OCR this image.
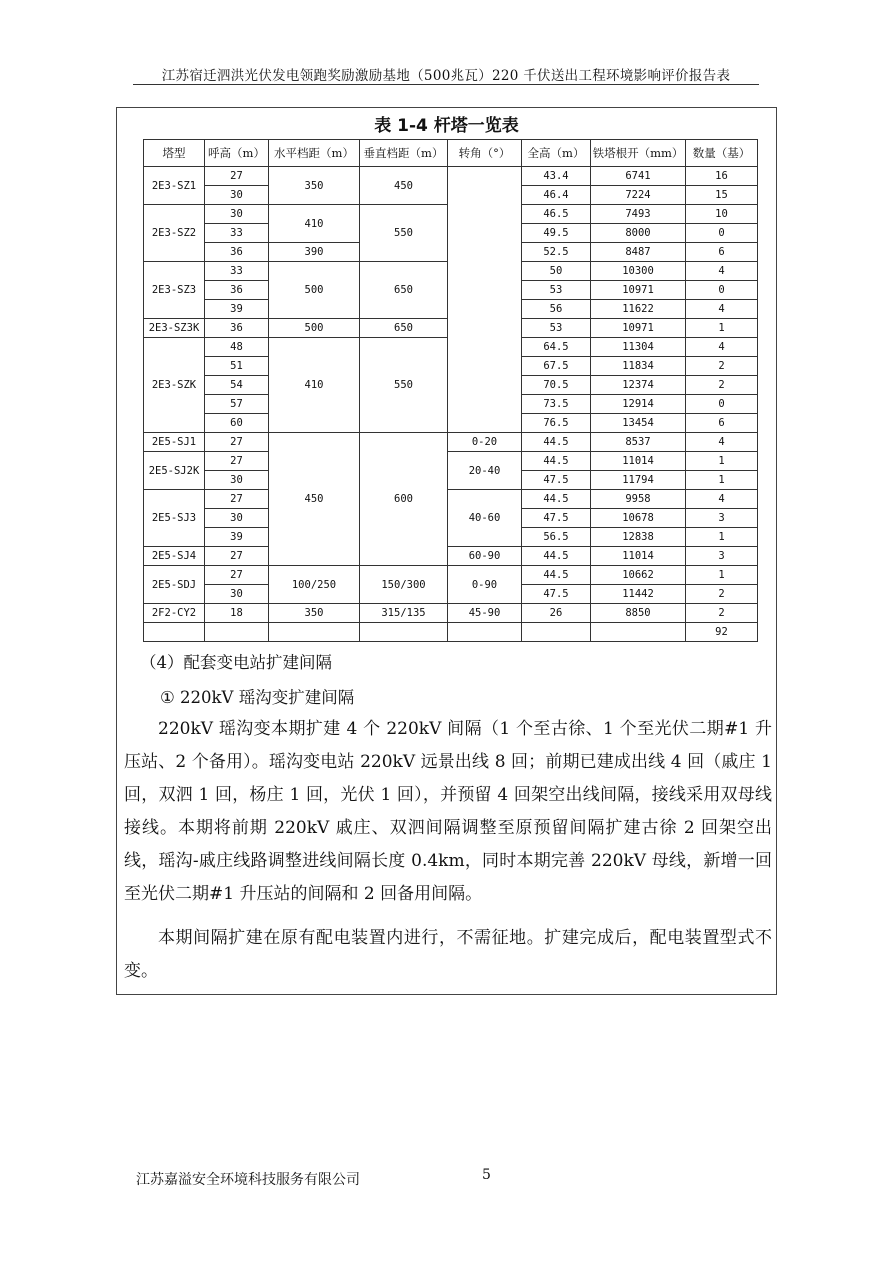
江苏宿迁泗洪光伏发电领跑奖励激励基地（500兆瓦）220 千伏送出工程环境影响评价报告表
表 1-4 杆塔一览表
塔型	呼高（m）	水平档距（m）	垂直档距（m）	转角（°）	全高（m）	铁塔根开（mm）	数量（基）
2E3-SZ1	27	350	450		43.4	6741	16
	30				46.4	7224	15
2E3-SZ2	30	410	550		46.5	7493	10
	33				49.5	8000	0
	36	390			52.5	8487	6
2E3-SZ3	33	500	650		50	10300	4
	36				53	10971	0
	39				56	11622	4
2E3-SZ3K	36	500	650		53	10971	1
2E3-SZK	48	410	550		64.5	11304	4
	51				67.5	11834	2
	54				70.5	12374	2
	57				73.5	12914	0
	60				76.5	13454	6
2E5-SJ1	27	450	600	0-20	44.5	8537	4
2E5-SJ2K	27			20-40	44.5	11014	1
	30				47.5	11794	1
2E5-SJ3	27			40-60	44.5	9958	4
	30				47.5	10678	3
	39				56.5	12838	1
2E5-SJ4	27			60-90	44.5	11014	3
2E5-SDJ	27	100/250	150/300	0-90	44.5	10662	1
	30				47.5	11442	2
2F2-CY2	18	350	315/135	45-90	26	8850	2
							92
（4）配套变电站扩建间隔
① 220kV 瑶沟变扩建间隔

220kV 瑶沟变本期扩建 4 个 220kV 间隔（1 个至古徐、1 个至光伏二期#1 升压站、2 个备用）。瑶沟变电站 220kV 远景出线 8 回；前期已建成出线 4 回（戚庄 1 回，双泗 1 回，杨庄 1 回，光伏 1 回），并预留 4 回架空出线间隔，接线采用双母线接线。本期将前期 220kV 戚庄、双泗间隔调整至原预留间隔扩建古徐 2 回架空出线，瑶沟-戚庄线路调整进线间隔长度 0.4km，同时本期完善 220kV 母线，新增一回至光伏二期#1 升压站的间隔和 2 回备用间隔。

本期间隔扩建在原有配电装置内进行，不需征地。扩建完成后，配电装置型式不变。

江苏嘉溢安全环境科技服务有限公司	5
